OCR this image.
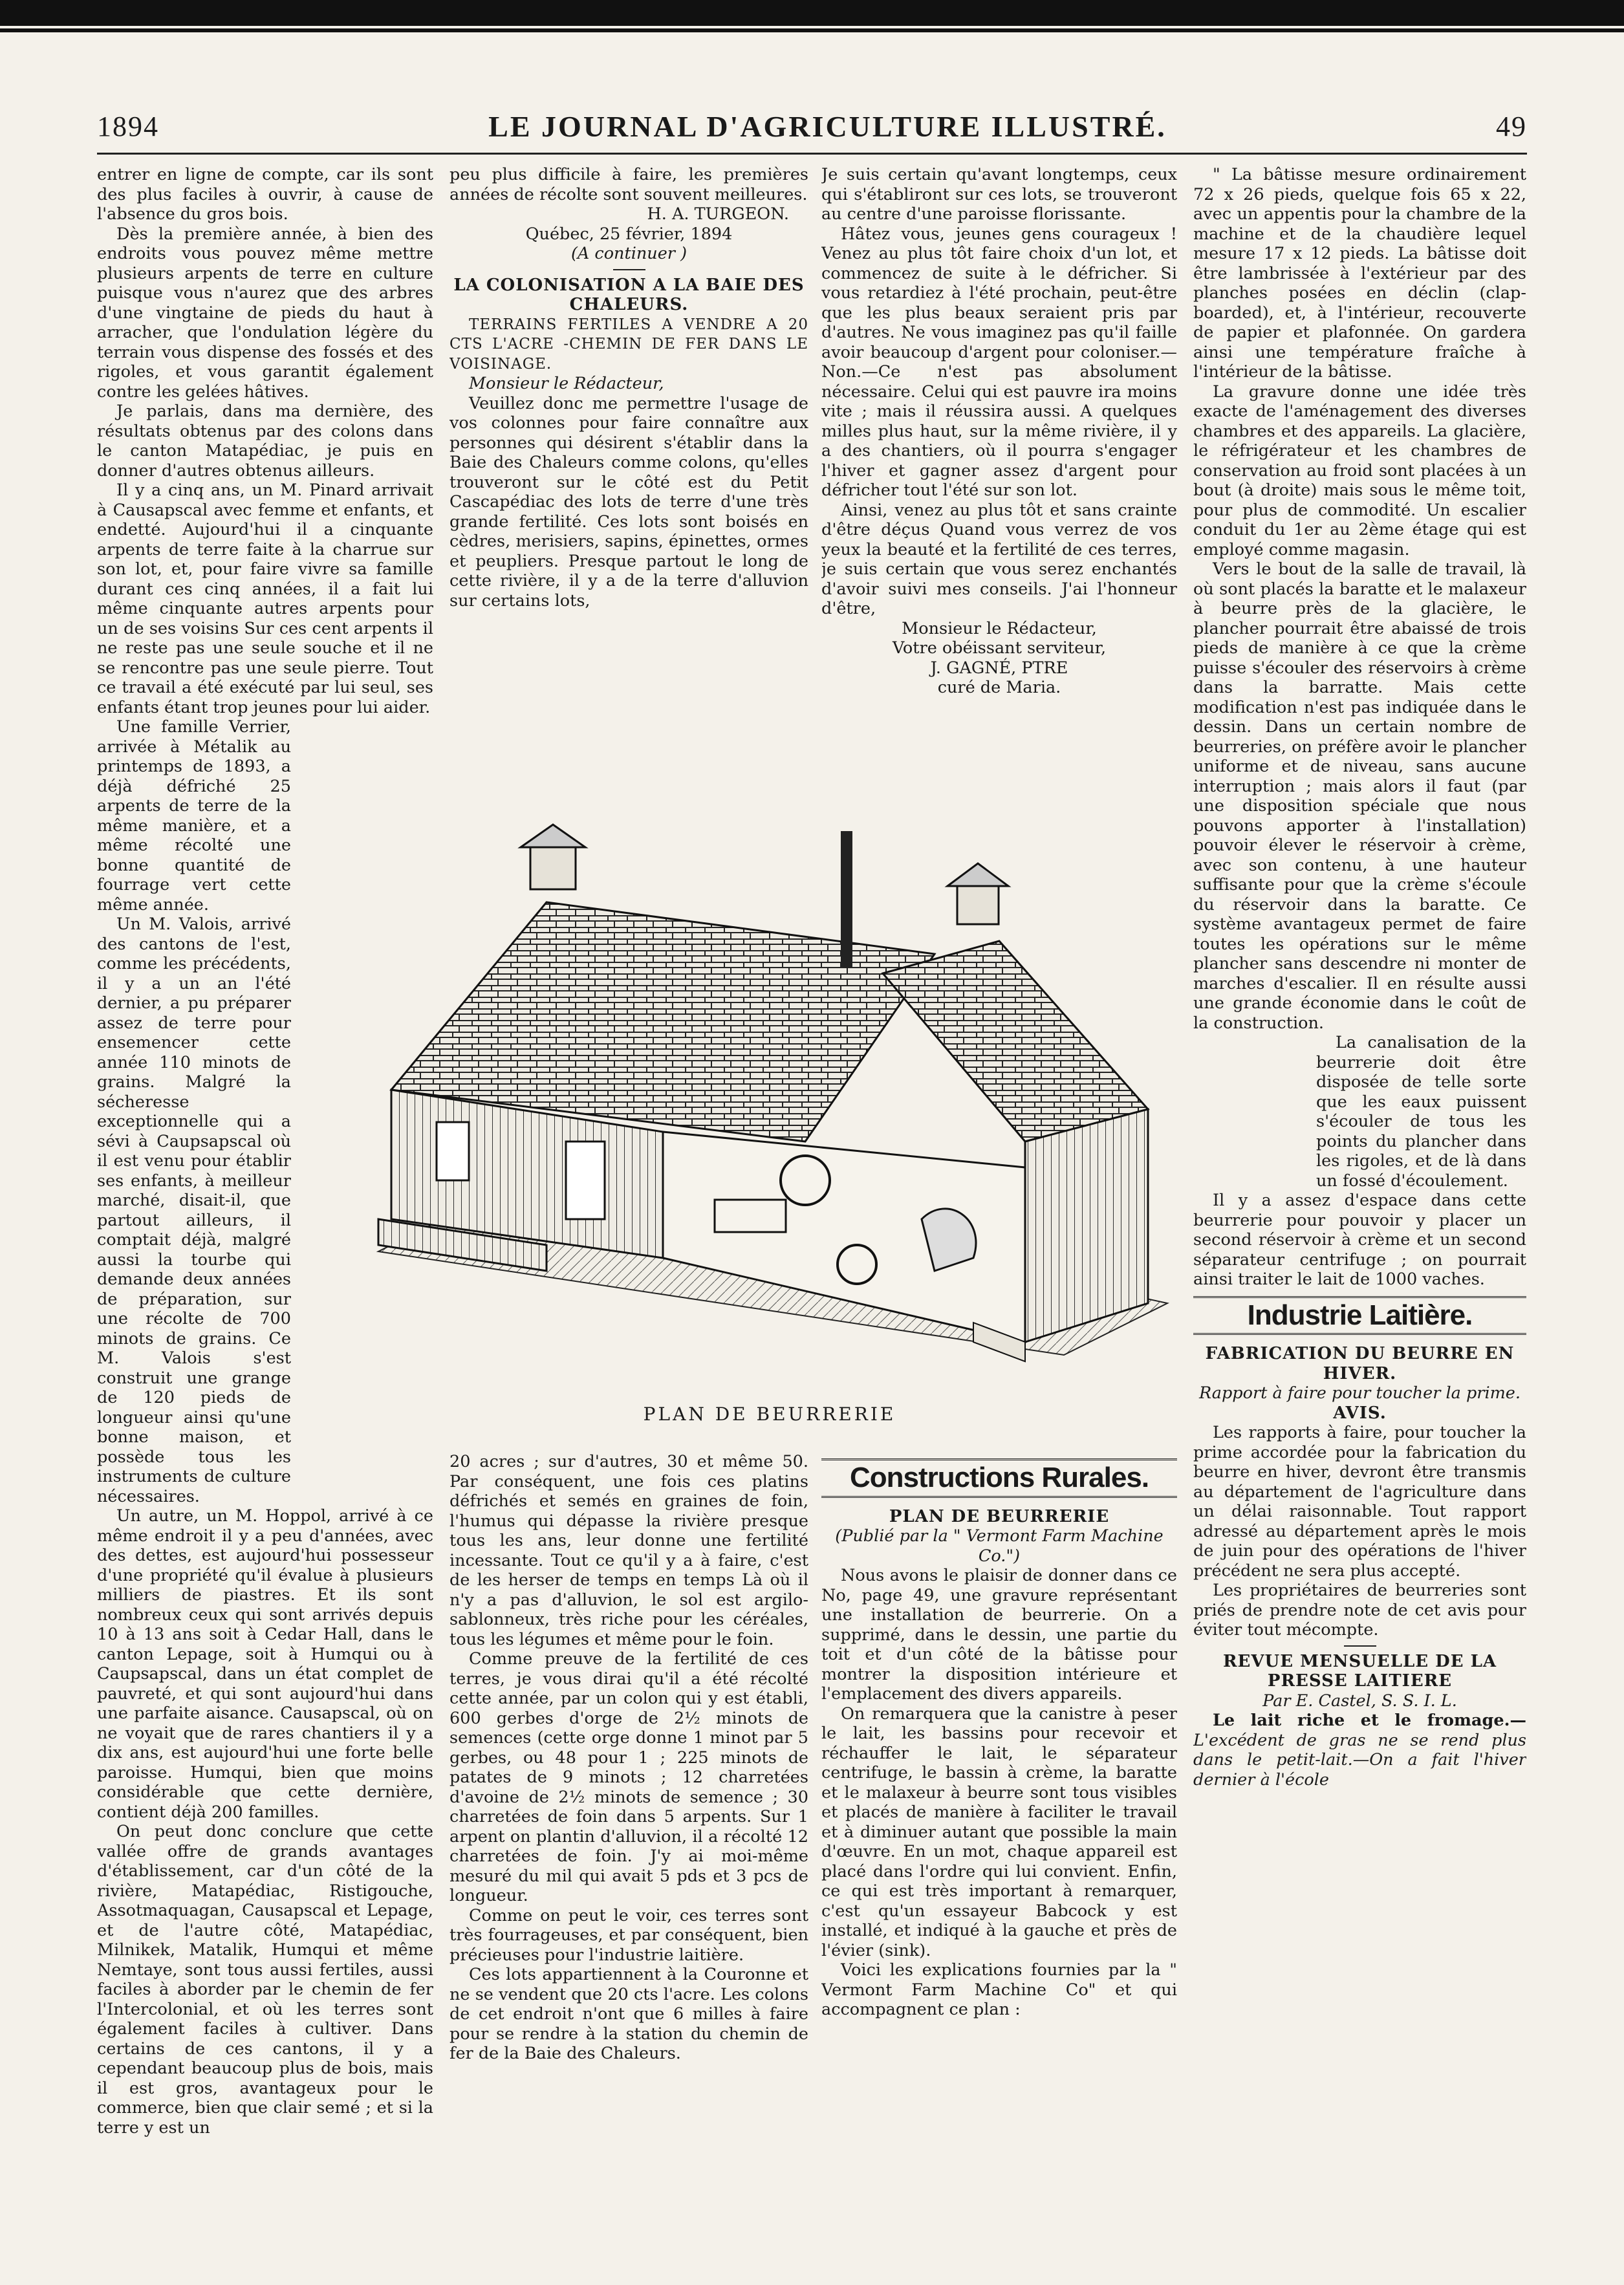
1894	LE JOURNAL D'AGRICULTURE ILLUSTRÉ.	49

entrer en ligne de compte, car ils sont des plus faciles à ouvrir, à cause de l'absence du gros bois.

Dès la première année, à bien des endroits vous pouvez même mettre plusieurs arpents de terre en culture puisque vous n'aurez que des arbres d'une vingtaine de pieds du haut à arracher, que l'ondulation légère du terrain vous dispense des fossés et des rigoles, et vous garantit également contre les gelées hâtives.

Je parlais, dans ma dernière, des résultats obtenus par des colons dans le canton Matapédiac, je puis en donner d'autres obtenus ailleurs.

Il y a cinq ans, un M. Pinard arrivait à Causapscal avec femme et enfants, et endetté. Aujourd'hui il a cinquante arpents de terre faite à la charrue sur son lot, et, pour faire vivre sa famille durant ces cinq années, il a fait lui même cinquante autres arpents pour un de ses voisins Sur ces cent arpents il ne reste pas une seule souche et il ne se rencontre pas une seule pierre. Tout ce travail a été exécuté par lui seul, ses enfants étant trop jeunes pour lui aider.

Une famille Verrier, arrivée à Métalik au printemps de 1893, a déjà défriché 25 arpents de terre de la même manière, et a même récolté une bonne quantité de fourrage vert cette même année.

Un M. Valois, arrivé des cantons de l'est, comme les précédents, il y a un an l'été dernier, a pu préparer assez de terre pour ensemencer cette année 110 minots de grains. Malgré la sécheresse exceptionnelle qui a sévi à Caupsapscal où il est venu pour établir ses enfants, à meilleur marché, disait-il, que partout ailleurs, il comptait déjà, malgré aussi la tourbe qui demande deux années de préparation, sur une récolte de 700 minots de grains. Ce M. Valois s'est construit une grange de 120 pieds de longueur ainsi qu'une bonne maison, et possède tous les instruments de culture nécessaires.

Un autre, un M. Hoppol, arrivé à ce même endroit il y a peu d'années, avec des dettes, est aujourd'hui possesseur d'une propriété qu'il évalue à plusieurs milliers de piastres. Et ils sont nombreux ceux qui sont arrivés depuis 10 à 13 ans soit à Cedar Hall, dans le canton Lepage, soit à Humqui ou à Caupsapscal, dans un état complet de pauvreté, et qui sont aujourd'hui dans une parfaite aisance. Causapscal, où on ne voyait que de rares chantiers il y a dix ans, est aujourd'hui une forte belle paroisse. Humqui, bien que moins considérable que cette dernière, contient déjà 200 familles.

On peut donc conclure que cette vallée offre de grands avantages d'établissement, car d'un côté de la rivière, Matapédiac, Ristigouche, Assotmaquagan, Causapscal et Lepage, et de l'autre côté, Matapédiac, Milnikek, Matalik, Humqui et même Nemtaye, sont tous aussi fertiles, aussi faciles à aborder par le chemin de fer l'Intercolonial, et où les terres sont également faciles à cultiver. Dans certains de ces cantons, il y a cependant beaucoup plus de bois, mais il est gros, avantageux pour le commerce, bien que clair semé ; et si la terre y est un

peu plus difficile à faire, les premières années de récolte sont souvent meilleures.

H. A. TURGEON.

Québec, 25 février, 1894

(A continuer )

LA COLONISATION A LA BAIE DES CHALEURS.

TERRAINS FERTILES A VENDRE A 20 CTS L'ACRE -CHEMIN DE FER DANS LE VOISINAGE.

Monsieur le Rédacteur,

Veuillez donc me permettre l'usage de vos colonnes pour faire connaître aux personnes qui désirent s'établir dans la Baie des Chaleurs comme colons, qu'elles trouveront sur le côté est du Petit Cascapédiac des lots de terre d'une très grande fertilité. Ces lots sont boisés en cèdres, merisiers, sapins, épinettes, ormes et peupliers. Presque partout le long de cette rivière, il y a de la terre d'alluvion sur certains lots,

20 acres ; sur d'autres, 30 et même 50. Par conséquent, une fois ces platins défrichés et semés en graines de foin, l'humus qui dépasse la rivière presque tous les ans, leur donne une fertilité incessante. Tout ce qu'il y a à faire, c'est de les herser de temps en temps Là où il n'y a pas d'alluvion, le sol est argilo-sablonneux, très riche pour les céréales, tous les légumes et même pour le foin.

Comme preuve de la fertilité de ces terres, je vous dirai qu'il a été récolté cette année, par un colon qui y est établi, 600 gerbes d'orge de 2½ minots de semences (cette orge donne 1 minot par 5 gerbes, ou 48 pour 1 ; 225 minots de patates de 9 minots ; 12 charretées d'avoine de 2½ minots de semence ; 30 charretées de foin dans 5 arpents. Sur 1 arpent on plantin d'alluvion, il a récolté 12 charretées de foin. J'y ai moi-même mesuré du mil qui avait 5 pds et 3 pcs de longueur.

Comme on peut le voir, ces terres sont très fourrageuses, et par conséquent, bien précieuses pour l'industrie laitière.

Ces lots appartiennent à la Couronne et ne se vendent que 20 cts l'acre. Les colons de cet endroit n'ont que 6 milles à faire pour se rendre à la station du chemin de fer de la Baie des Chaleurs.

Je suis certain qu'avant longtemps, ceux qui s'établiront sur ces lots, se trouveront au centre d'une paroisse florissante.

Hâtez vous, jeunes gens courageux ! Venez au plus tôt faire choix d'un lot, et commencez de suite à le défricher. Si vous retardiez à l'été prochain, peut-être que les plus beaux seraient pris par d'autres. Ne vous imaginez pas qu'il faille avoir beaucoup d'argent pour coloniser.—Non.—Ce n'est pas absolument nécessaire. Celui qui est pauvre ira moins vite ; mais il réussira aussi. A quelques milles plus haut, sur la même rivière, il y a des chantiers, où il pourra s'engager l'hiver et gagner assez d'argent pour défricher tout l'été sur son lot.

Ainsi, venez au plus tôt et sans crainte d'être déçus Quand vous verrez de vos yeux la beauté et la fertilité de ces terres, je suis certain que vous serez enchantés d'avoir suivi mes conseils. J'ai l'honneur d'être,

Monsieur le Rédacteur,

Votre obéissant serviteur,

J. GAGNÉ, PTRE

curé de Maria.

Constructions Rurales.

PLAN DE BEURRERIE

(Publié par la " Vermont Farm Machine Co.")

Nous avons le plaisir de donner dans ce No, page 49, une gravure représentant une installation de beurrerie. On a supprimé, dans le dessin, une partie du toit et d'un côté de la bâtisse pour montrer la disposition intérieure et l'emplacement des divers appareils.

On remarquera que la canistre à peser le lait, les bassins pour recevoir et réchauffer le lait, le séparateur centrifuge, le bassin à crème, la baratte et le malaxeur à beurre sont tous visibles et placés de manière à faciliter le travail et à diminuer autant que possible la main d'œuvre. En un mot, chaque appareil est placé dans l'ordre qui lui convient. Enfin, ce qui est très important à remarquer, c'est qu'un essayeur Babcock y est installé, et indiqué à la gauche et près de l'évier (sink).

Voici les explications fournies par la " Vermont Farm Machine Co" et qui accompagnent ce plan :

" La bâtisse mesure ordinairement 72 x 26 pieds, quelque fois 65 x 22, avec un appentis pour la chambre de la machine et de la chaudière lequel mesure 17 x 12 pieds. La bâtisse doit être lambrissée à l'extérieur par des planches posées en déclin (clap-boarded), et, à l'intérieur, recouverte de papier et plafonnée. On gardera ainsi une température fraîche à l'intérieur de la bâtisse.

La gravure donne une idée très exacte de l'aménagement des diverses chambres et des appareils. La glacière, le réfrigérateur et les chambres de conservation au froid sont placées à un bout (à droite) mais sous le même toit, pour plus de commodité. Un escalier conduit du 1er au 2ème étage qui est employé comme magasin.

Vers le bout de la salle de travail, là où sont placés la baratte et le malaxeur à beurre près de la glacière, le plancher pourrait être abaissé de trois pieds de manière à ce que la crème puisse s'écouler des réservoirs à crème dans la barratte. Mais cette modification n'est pas indiquée dans le dessin. Dans un certain nombre de beurreries, on préfère avoir le plancher uniforme et de niveau, sans aucune interruption ; mais alors il faut (par une disposition spéciale que nous pouvons apporter à l'installation) pouvoir élever le réservoir à crème, avec son contenu, à une hauteur suffisante pour que la crème s'écoule du réservoir dans la baratte. Ce système avantageux permet de faire toutes les opérations sur le même plancher sans descendre ni monter de marches d'escalier. Il en résulte aussi une grande économie dans le coût de la construction.

La canalisation de la beurrerie doit être disposée de telle sorte que les eaux puissent s'écouler de tous les points du plancher dans les rigoles, et de là dans un fossé d'écoulement.

Il y a assez d'espace dans cette beurrerie pour pouvoir y placer un second réservoir à crème et un second séparateur centrifuge ; on pourrait ainsi traiter le lait de 1000 vaches.

Industrie Laitière.

FABRICATION DU BEURRE EN HIVER.

Rapport à faire pour toucher la prime.

AVIS.

Les rapports à faire, pour toucher la prime accordée pour la fabrication du beurre en hiver, devront être transmis au département de l'agriculture dans un délai raisonnable. Tout rapport adressé au département après le mois de juin pour des opérations de l'hiver précédent ne sera plus accepté.

Les propriétaires de beurreries sont priés de prendre note de cet avis pour éviter tout mécompte.

REVUE MENSUELLE DE LA PRESSE LAITIERE

Par E. Castel, S. S. I. L.

Le lait riche et le fromage.—L'excédent de gras ne se rend plus dans le petit-lait.—On a fait l'hiver dernier à l'école

PLAN DE BEURRERIE
